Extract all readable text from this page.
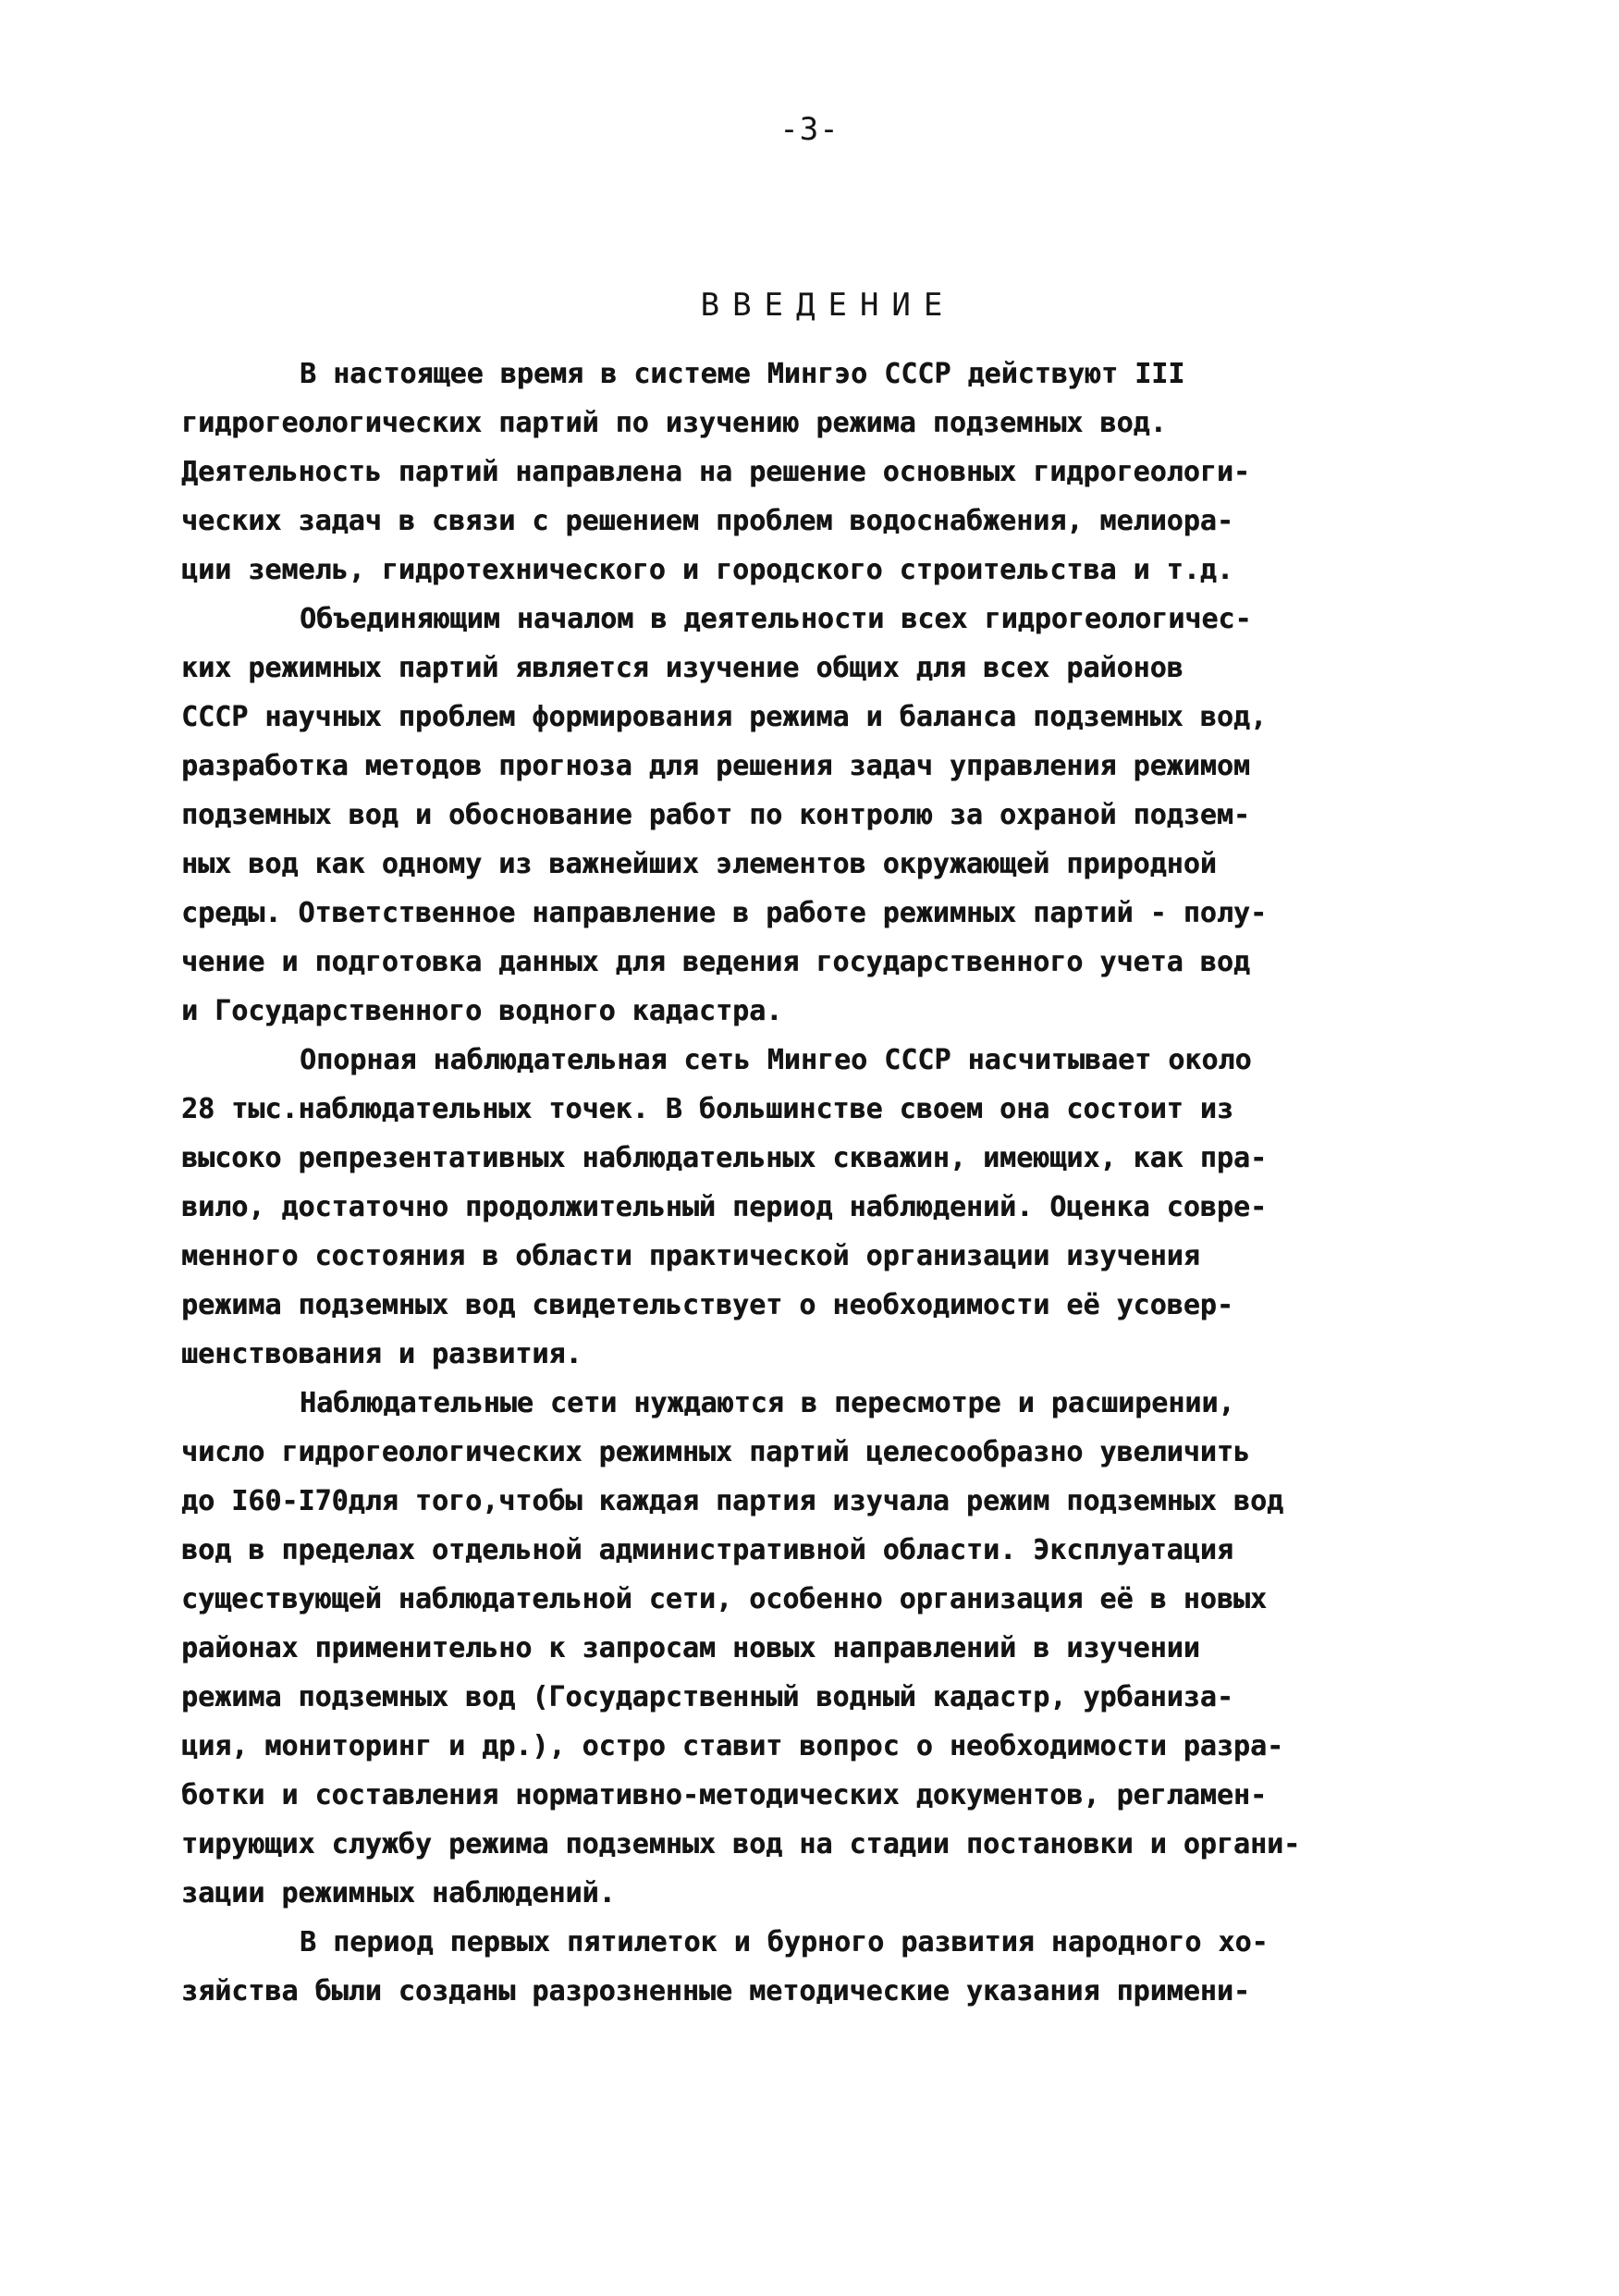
-3-
ВВЕДЕНИЕ
В настоящее время в системе Мингэо СССР действуют III
гидрогеологических партий по изучению режима подземных вод.
Деятельность партий направлена на решение основных гидрогеологи-
ческих задач в связи с решением проблем водоснабжения, мелиора-
ции земель, гидротехнического и городского строительства и т.д.
Объединяющим началом в деятельности всех гидрогеологичес-
ких режимных партий является изучение общих для всех районов
СССР научных проблем формирования режима и баланса подземных вод,
разработка методов прогноза для решения задач управления режимом
подземных вод и обоснование работ по контролю за охраной подзем-
ных вод как одному из важнейших элементов окружающей природной
среды. Ответственное направление в работе режимных партий - полу-
чение и подготовка данных для ведения государственного учета вод
и Государственного водного кадастра.
Опорная наблюдательная сеть Мингео СССР насчитывает около
28 тыс.наблюдательных точек. В большинстве своем она состоит из
высоко репрезентативных наблюдательных скважин, имеющих, как пра-
вило, достаточно продолжительный период наблюдений. Оценка совре-
менного состояния в области практической организации изучения
режима подземных вод свидетельствует о необходимости её усовер-
шенствования и развития.
Наблюдательные сети нуждаются в пересмотре и расширении,
число гидрогеологических режимных партий целесообразно увеличить
до I60-I70для того,чтобы каждая партия изучала режим подземных вод
вод в пределах отдельной административной области. Эксплуатация
существующей наблюдательной сети, особенно организация её в новых
районах применительно к запросам новых направлений в изучении
режима подземных вод (Государственный водный кадастр, урбаниза-
ция, мониторинг и др.), остро ставит вопрос о необходимости разра-
ботки и составления нормативно-методических документов, регламен-
тирующих службу режима подземных вод на стадии постановки и органи-
зации режимных наблюдений.
В период первых пятилеток и бурного развития народного хо-
зяйства были созданы разрозненные методические указания примени-
